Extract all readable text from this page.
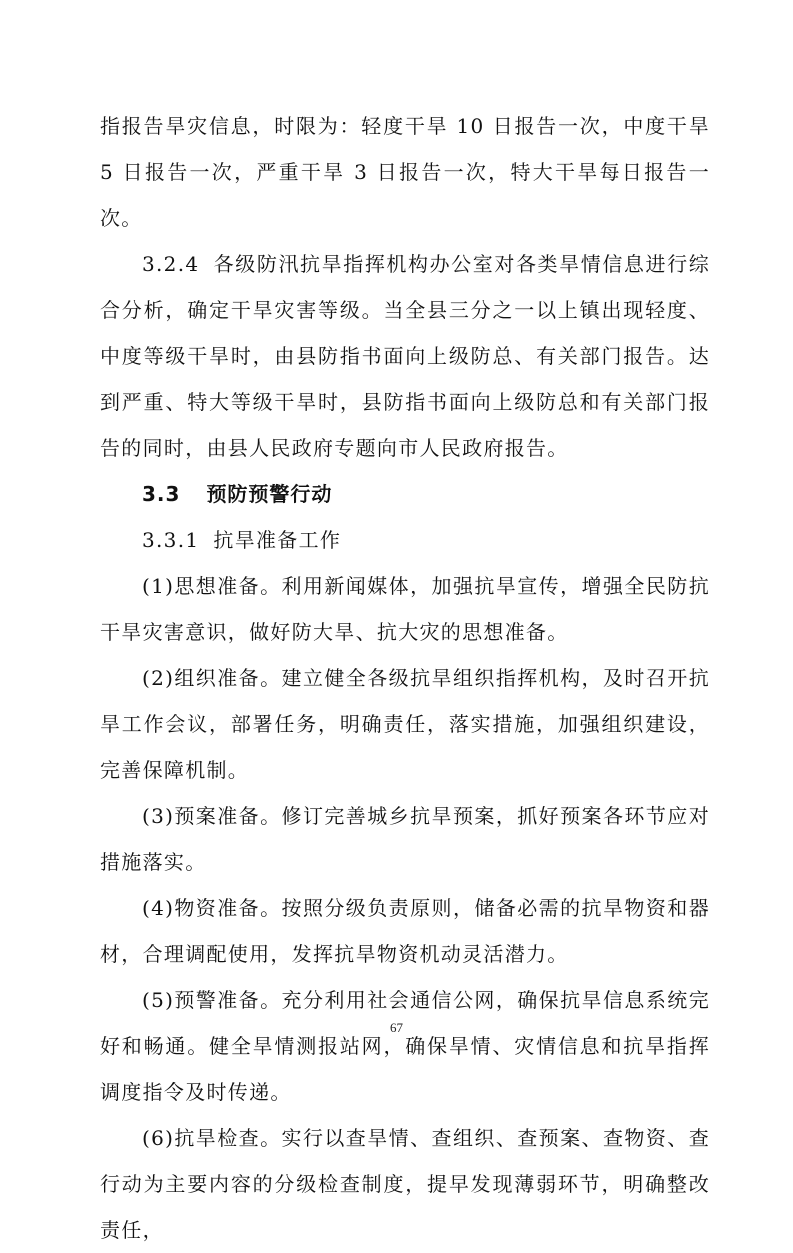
指报告旱灾信息，时限为：轻度干旱 10 日报告一次，中度干旱 5 日报告一次，严重干旱 3 日报告一次，特大干旱每日报告一次。

3.2.4 各级防汛抗旱指挥机构办公室对各类旱情信息进行综合分析，确定干旱灾害等级。当全县三分之一以上镇出现轻度、中度等级干旱时，由县防指书面向上级防总、有关部门报告。达到严重、特大等级干旱时，县防指书面向上级防总和有关部门报告的同时，由县人民政府专题向市人民政府报告。

3.3 预防预警行动

3.3.1 抗旱准备工作

(1)思想准备。利用新闻媒体，加强抗旱宣传，增强全民防抗干旱灾害意识，做好防大旱、抗大灾的思想准备。

(2)组织准备。建立健全各级抗旱组织指挥机构，及时召开抗旱工作会议，部署任务，明确责任，落实措施，加强组织建设，完善保障机制。

(3)预案准备。修订完善城乡抗旱预案，抓好预案各环节应对措施落实。

(4)物资准备。按照分级负责原则，储备必需的抗旱物资和器材，合理调配使用，发挥抗旱物资机动灵活潜力。

(5)预警准备。充分利用社会通信公网，确保抗旱信息系统完好和畅通。健全旱情测报站网，确保旱情、灾情信息和抗旱指挥调度指令及时传递。

(6)抗旱检查。实行以查旱情、查组织、查预案、查物资、查行动为主要内容的分级检查制度，提早发现薄弱环节，明确整改责任，

67
